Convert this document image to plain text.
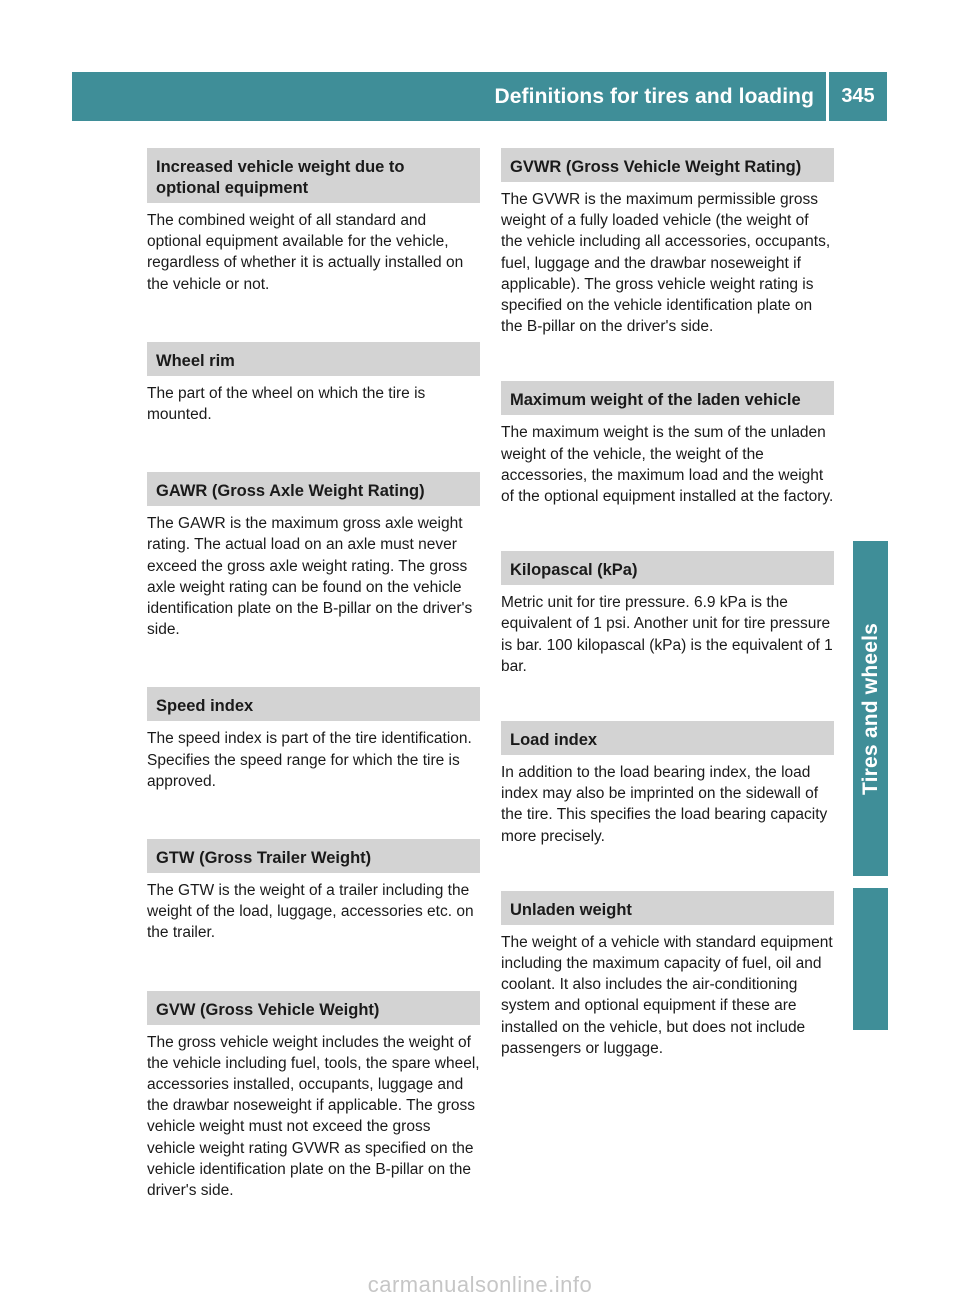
Definitions for tires and loading	345
Tires and wheels
Increased vehicle weight due to optional equipment

The combined weight of all standard and optional equipment available for the vehicle, regardless of whether it is actually installed on the vehicle or not.

Wheel rim

The part of the wheel on which the tire is mounted.

GAWR (Gross Axle Weight Rating)

The GAWR is the maximum gross axle weight rating. The actual load on an axle must never exceed the gross axle weight rating. The gross axle weight rating can be found on the vehicle identification plate on the B-pillar on the driver's side.

Speed index

The speed index is part of the tire identification. Specifies the speed range for which the tire is approved.

GTW (Gross Trailer Weight)

The GTW is the weight of a trailer including the weight of the load, luggage, accessories etc. on the trailer.

GVW (Gross Vehicle Weight)

The gross vehicle weight includes the weight of the vehicle including fuel, tools, the spare wheel, accessories installed, occupants, luggage and the drawbar noseweight if applicable. The gross vehicle weight must not exceed the gross vehicle weight rating GVWR as specified on the vehicle identification plate on the B-pillar on the driver's side.

GVWR (Gross Vehicle Weight Rating)

The GVWR is the maximum permissible gross weight of a fully loaded vehicle (the weight of the vehicle including all accessories, occupants, fuel, luggage and the drawbar noseweight if applicable). The gross vehicle weight rating is specified on the vehicle identification plate on the B-pillar on the driver's side.

Maximum weight of the laden vehicle

The maximum weight is the sum of the unladen weight of the vehicle, the weight of the accessories, the maximum load and the weight of the optional equipment installed at the factory.

Kilopascal (kPa)

Metric unit for tire pressure. 6.9 kPa is the equivalent of 1 psi. Another unit for tire pressure is bar. 100 kilopascal (kPa) is the equivalent of 1 bar.

Load index

In addition to the load bearing index, the load index may also be imprinted on the sidewall of the tire. This specifies the load bearing capacity more precisely.

Unladen weight

The weight of a vehicle with standard equipment including the maximum capacity of fuel, oil and coolant. It also includes the air-conditioning system and optional equipment if these are installed on the vehicle, but does not include passengers or luggage.

carmanualsonline.info
